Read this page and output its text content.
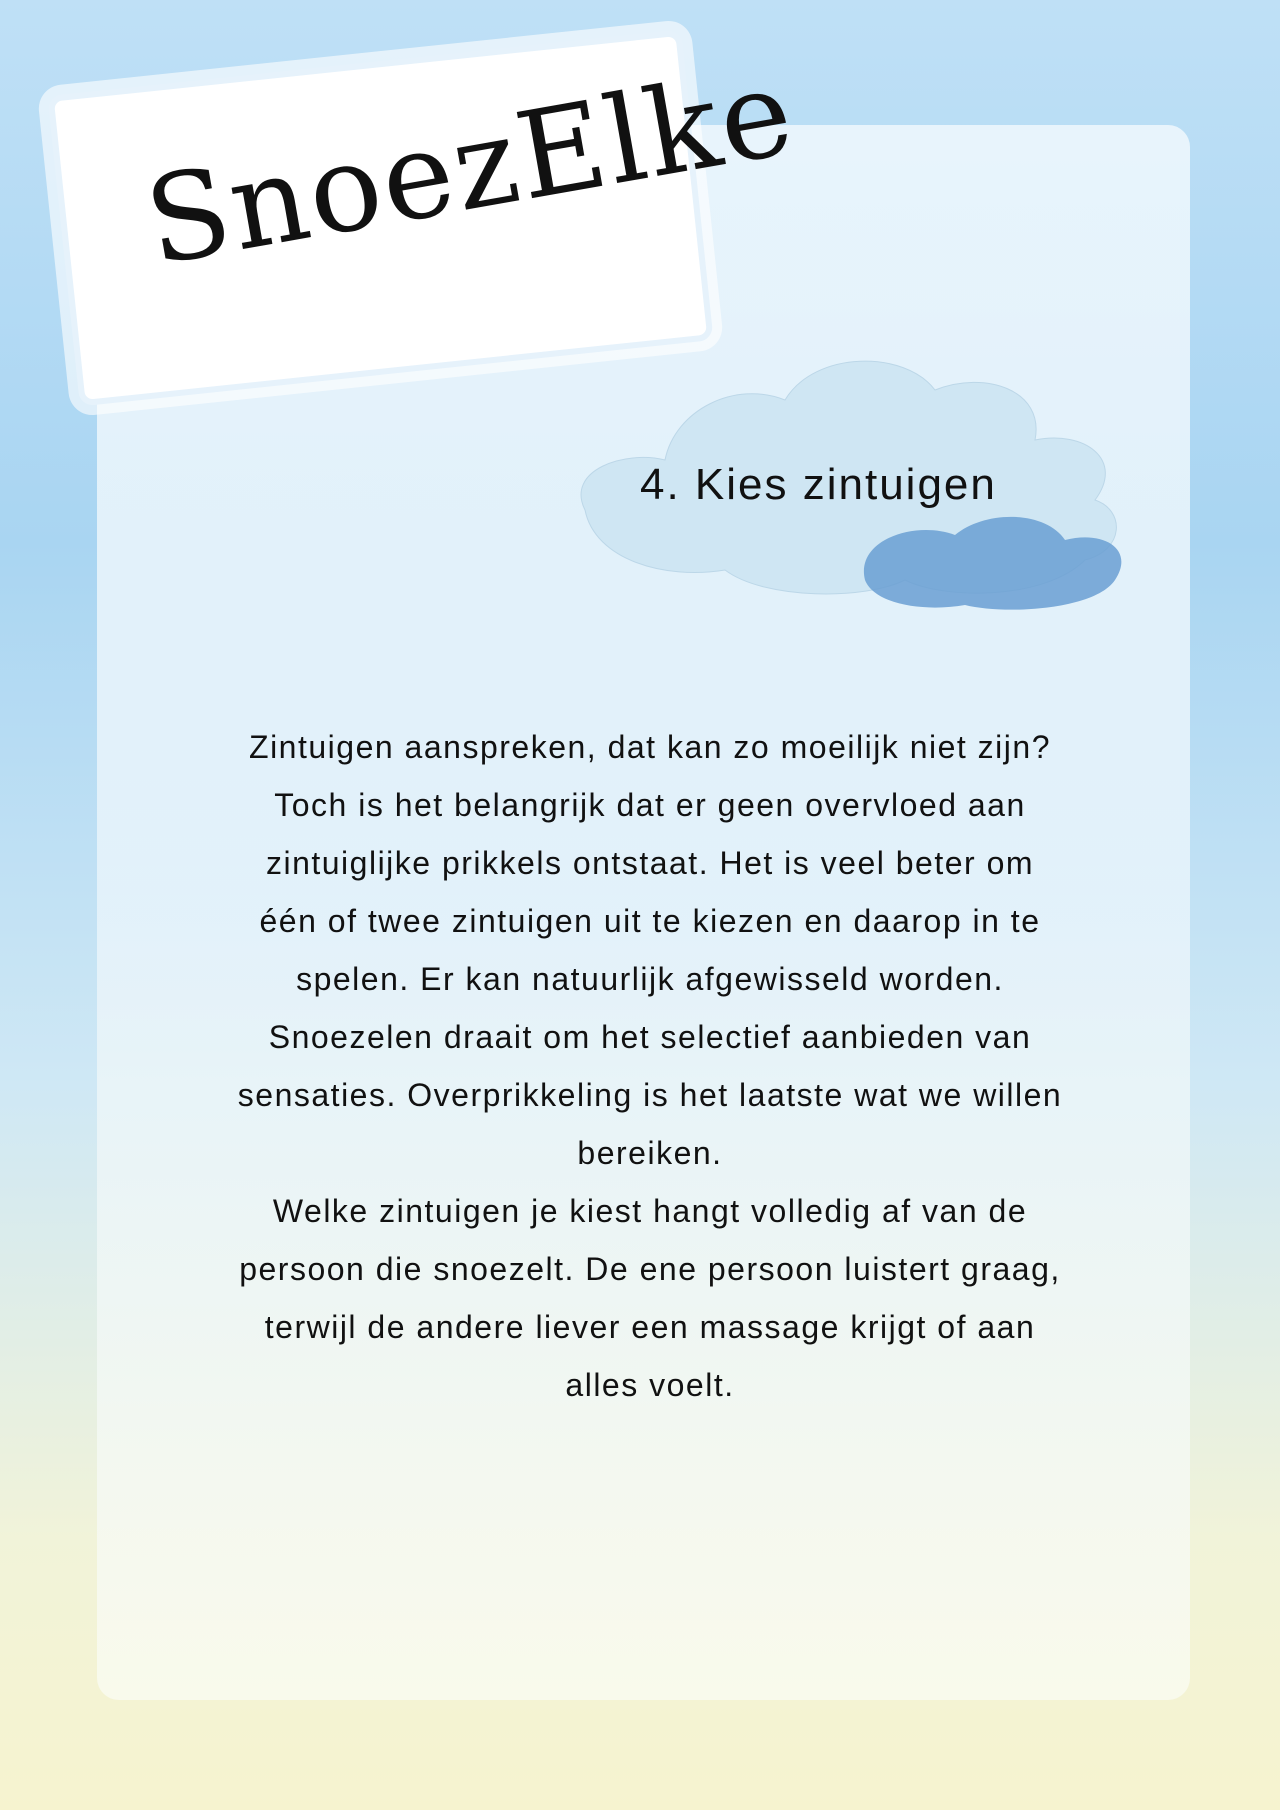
SnoezElke
4. Kies zintuigen
Zintuigen aanspreken, dat kan zo moeilijk niet zijn?
Toch is het belangrijk dat er geen overvloed aan
zintuiglijke prikkels ontstaat. Het is veel beter om
één of twee zintuigen uit te kiezen en daarop in te
spelen. Er kan natuurlijk afgewisseld worden.
Snoezelen draait om het selectief aanbieden van
sensaties. Overprikkeling is het laatste wat we willen
bereiken.
Welke zintuigen je kiest hangt volledig af van de
persoon die snoezelt. De ene persoon luistert graag,
terwijl de andere liever een massage krijgt of aan
alles voelt.
